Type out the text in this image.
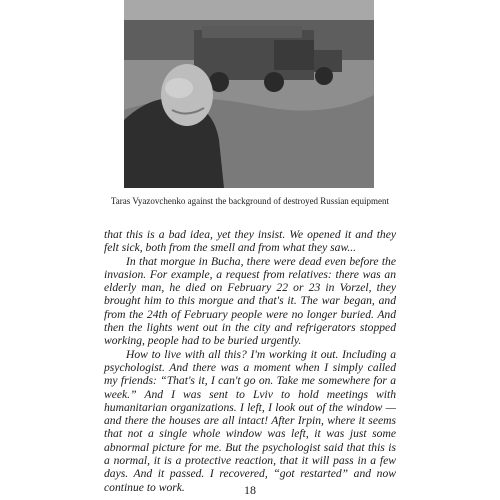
Taras Vyazovchenko against the background of destroyed Russian equipment

that this is a bad idea, yet they insist. We opened it and they felt sick, both from the smell and from what they saw...

In that morgue in Bucha, there were dead even before the invasion. For example, a request from relatives: there was an elderly man, he died on February 22 or 23 in Vorzel, they brought him to this morgue and that's it. The war began, and from the 24th of February people were no longer buried. And then the lights went out in the city and refrigerators stopped working, people had to be buried urgently.

How to live with all this? I'm working it out. Including a psychologist. And there was a moment when I simply called my friends: “That's it, I can't go on. Take me somewhere for a week.” And I was sent to Lviv to hold meetings with humanitarian organizations. I left, I look out of the window — and there the houses are all intact! After Irpin, where it seems that not a single whole window was left, it was just some abnormal picture for me. But the psychologist said that this is a normal, it is a protective reaction, that it will pass in a few days. And it passed. I recovered, “got restarted” and now continue to work.	18
